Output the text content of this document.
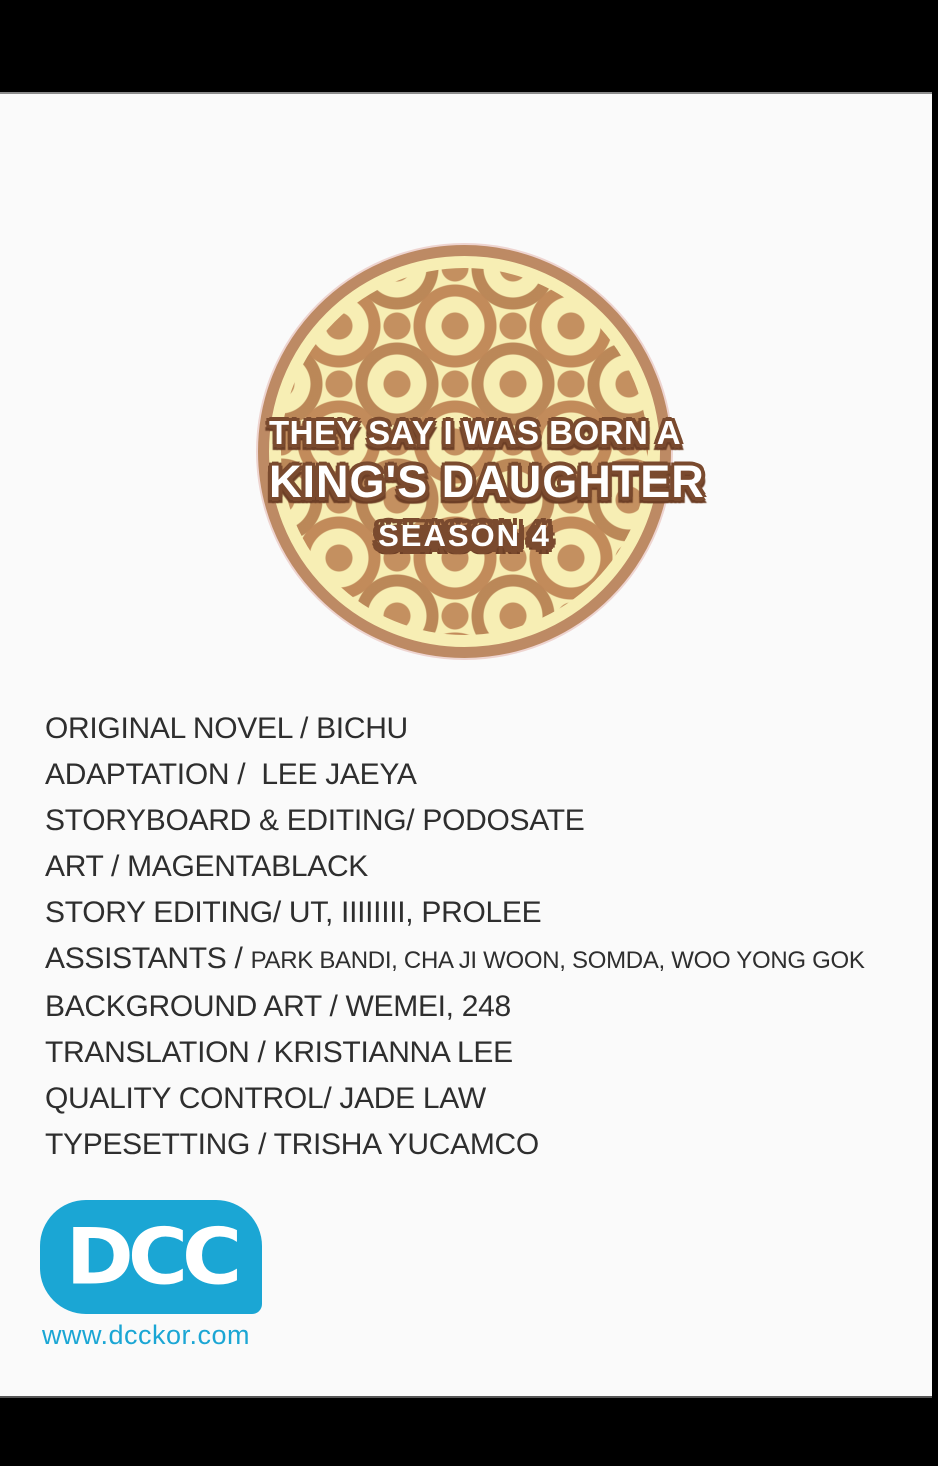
THEY SAY I WAS BORN A
KING'S DAUGHTER
SEASON 4
ORIGINAL NOVEL / BICHU
ADAPTATION /  LEE JAEYA
STORYBOARD & EDITING/ PODOSATE
ART / MAGENTABLACK
STORY EDITING/ UT, IIIIIIII, PROLEE
ASSISTANTS / PARK BANDI, CHA JI WOON, SOMDA, WOO YONG GOK
BACKGROUND ART / WEMEI, 248
TRANSLATION / KRISTIANNA LEE
QUALITY CONTROL/ JADE LAW
TYPESETTING / TRISHA YUCAMCO
DCC
www.dcckor.com
